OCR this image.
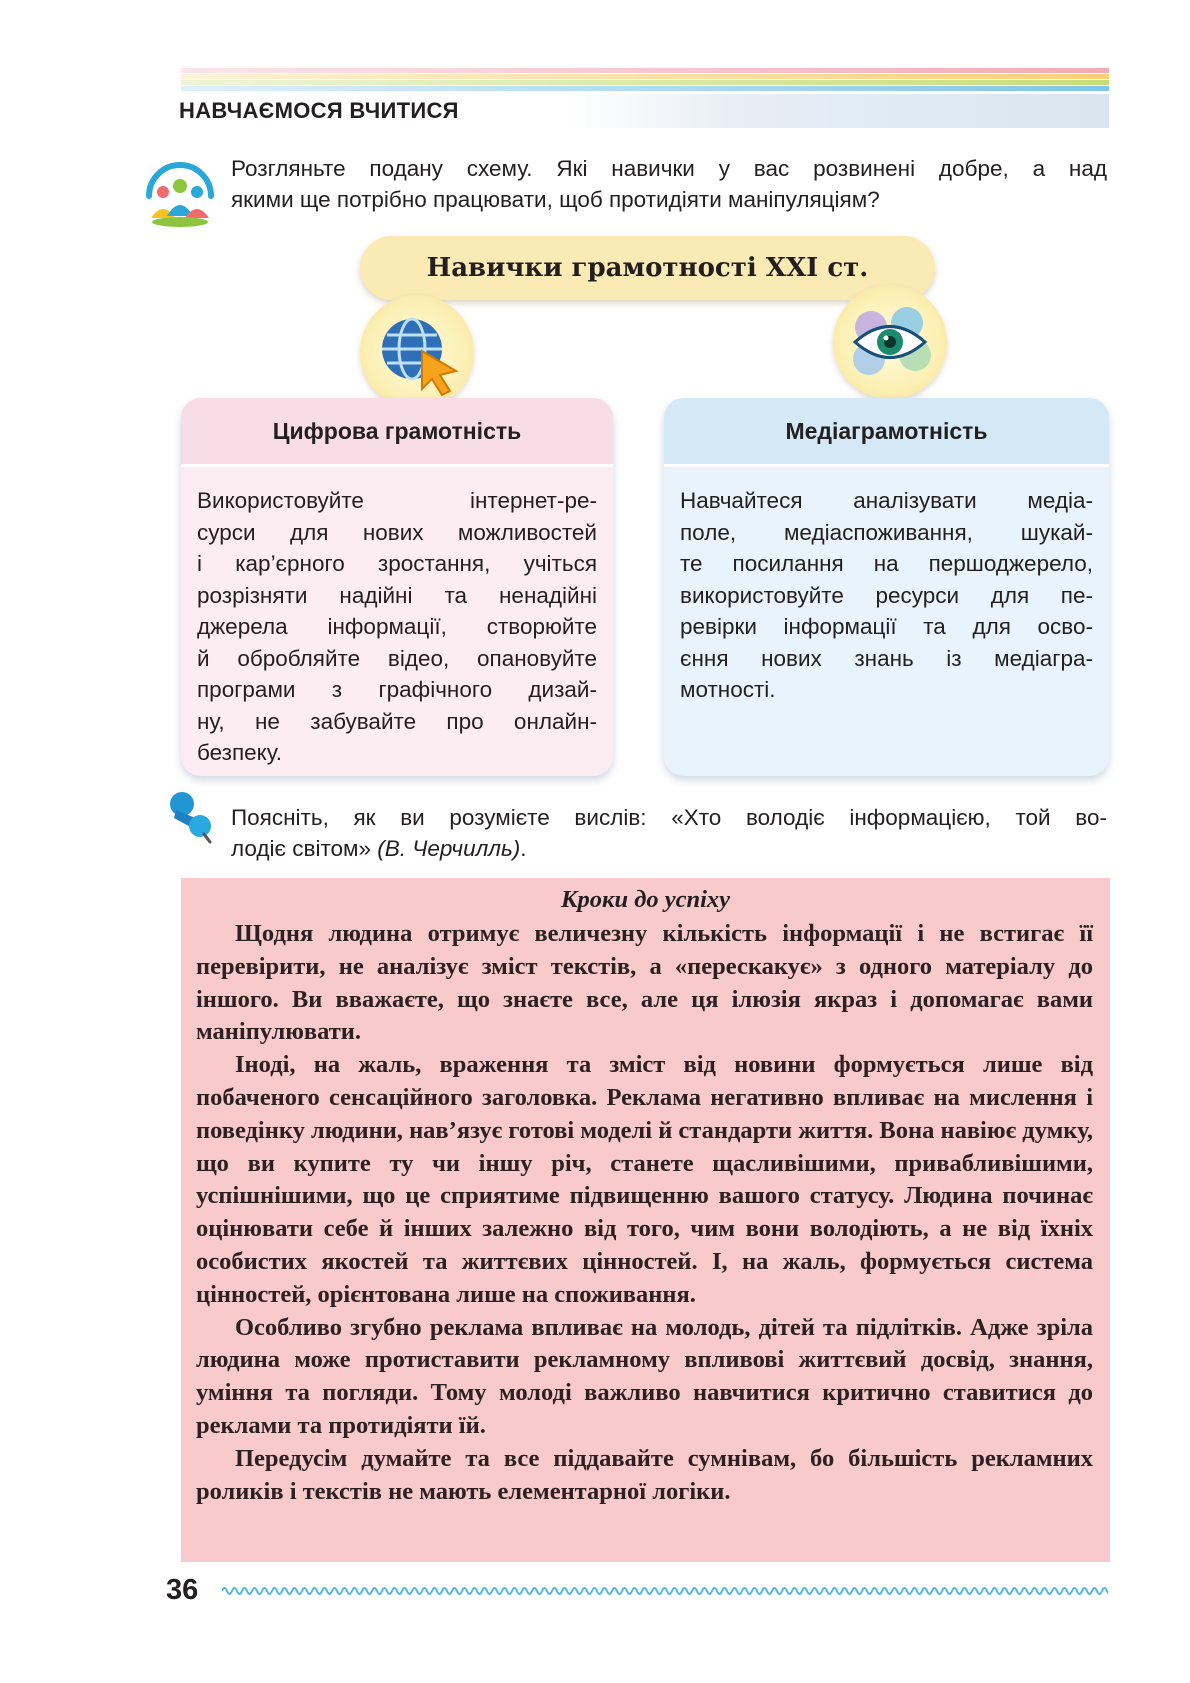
НАВЧАЄМОСЯ ВЧИТИСЯ
Розгляньте подану схему. Які навички у вас розвинені добре, а над
якими ще потрібно працювати, щоб протидіяти маніпуляціям?
Навички грамотності XXI ст.
Цифрова грамотність
Використовуйте інтернет-ре-
сурси для нових можливостей
і кар’єрного зростання, учіться
розрізняти надійні та ненадійні
джерела інформації, створюйте
й обробляйте відео, опановуйте
програми з графічного дизай-
ну, не забувайте про онлайн-
безпеку.
Медіаграмотність
Навчайтеся аналізувати медіа-
поле, медіаспоживання, шукай-
те посилання на першоджерело,
використовуйте ресурси для пе-
ревірки інформації та для осво-
єння нових знань із медіагра-
мотності.
Поясніть, як ви розумієте вислів: «Хто володіє інформацією, той во-
лодіє світом» (В. Черчилль).
Кроки до успіху

Щодня людина отримує величезну кількість інформації і не встигає її перевірити, не аналізує зміст текстів, а «перескакує» з одного матеріалу до іншого. Ви вважаєте, що знаєте все, але ця ілюзія якраз і допомагає вами маніпулювати.

Іноді, на жаль, враження та зміст від новини формується лише від побаченого сенсаційного заголовка. Реклама негативно впливає на мислення і поведінку людини, нав’язує готові моделі й стандарти життя. Вона навіює думку, що ви купите ту чи іншу річ, станете щасливішими, привабливішими, успішнішими, що це сприятиме підвищенню вашого статусу. Людина починає оцінювати себе й інших залежно від того, чим вони володіють, а не від їхніх особистих якостей та життєвих цінностей. І, на жаль, формується система цінностей, орієнтована лише на споживання.

Особливо згубно реклама впливає на молодь, дітей та підлітків. Адже зріла людина може протиставити рекламному впливові життєвий досвід, знання, уміння та погляди. Тому молоді важливо навчитися критично ставитися до реклами та протидіяти їй.

Передусім думайте та все піддавайте сумнівам, бо більшість рекламних роликів і текстів не мають елементарної логіки.

36
